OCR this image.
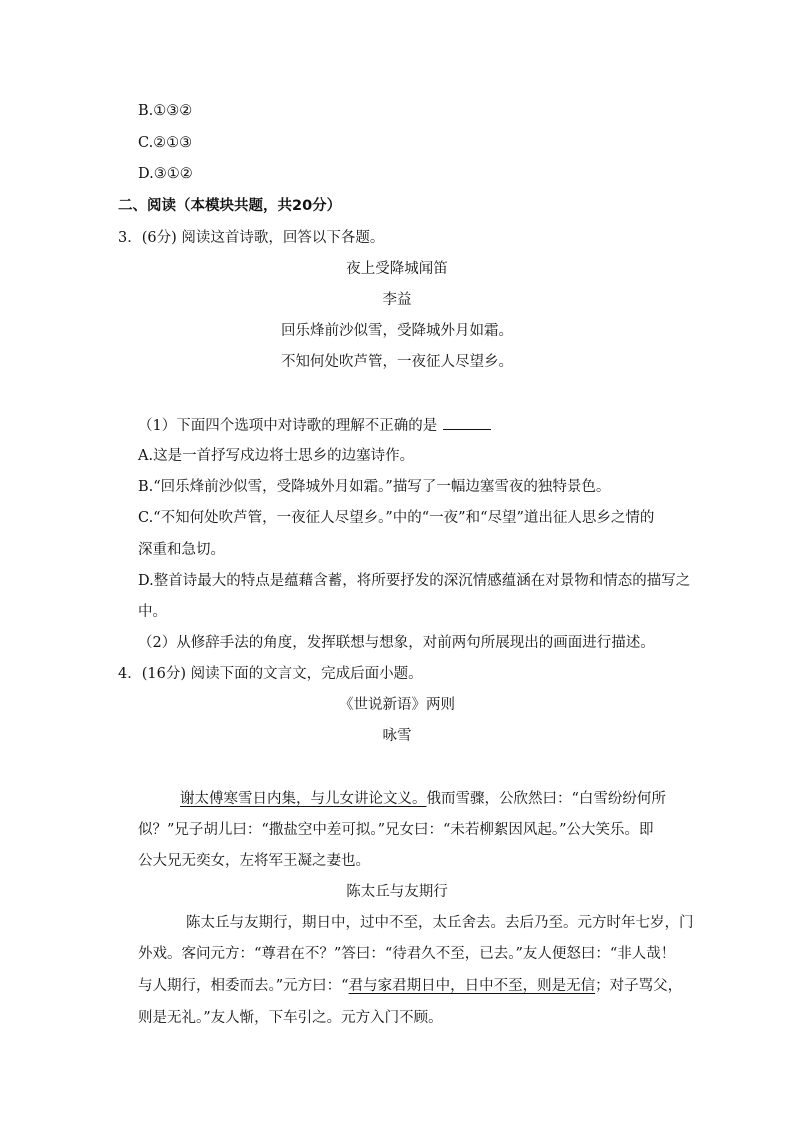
B.①③②
C.②①③
D.③①②
二、阅读（本模块共题，共20分）
3．(6分) 阅读这首诗歌，回答以下各题。
夜上受降城闻笛
李益
回乐烽前沙似雪，受降城外月如霜。
不知何处吹芦管，一夜征人尽望乡。
（1）下面四个选项中对诗歌的理解不正确的是
A.这是一首抒写戍边将士思乡的边塞诗作。
B.“回乐烽前沙似雪，受降城外月如霜。”描写了一幅边塞雪夜的独特景色。
C.“不知何处吹芦管，一夜征人尽望乡。”中的“一夜”和“尽望”道出征人思乡之情的
深重和急切。
D.整首诗最大的特点是蕴藉含蓄，将所要抒发的深沉情感蕴涵在对景物和情态的描写之
中。
（2）从修辞手法的角度，发挥联想与想象，对前两句所展现出的画面进行描述。
4．(16分) 阅读下面的文言文，完成后面小题。
《世说新语》两则
咏雪
谢太傅寒雪日内集，与儿女讲论文义。俄而雪骤，公欣然曰：“白雪纷纷何所
似？”兄子胡儿曰：“撒盐空中差可拟。”兄女曰：“未若柳絮因风起。”公大笑乐。即
公大兄无奕女，左将军王凝之妻也。
陈太丘与友期行
陈太丘与友期行，期日中，过中不至，太丘舍去。去后乃至。元方时年七岁，门
外戏。客问元方：“尊君在不？”答曰：“待君久不至，已去。”友人便怒曰：“非人哉！
与人期行，相委而去。”元方曰：“君与家君期日中，日中不至，则是无信；对子骂父，
则是无礼。”友人惭，下车引之。元方入门不顾。
